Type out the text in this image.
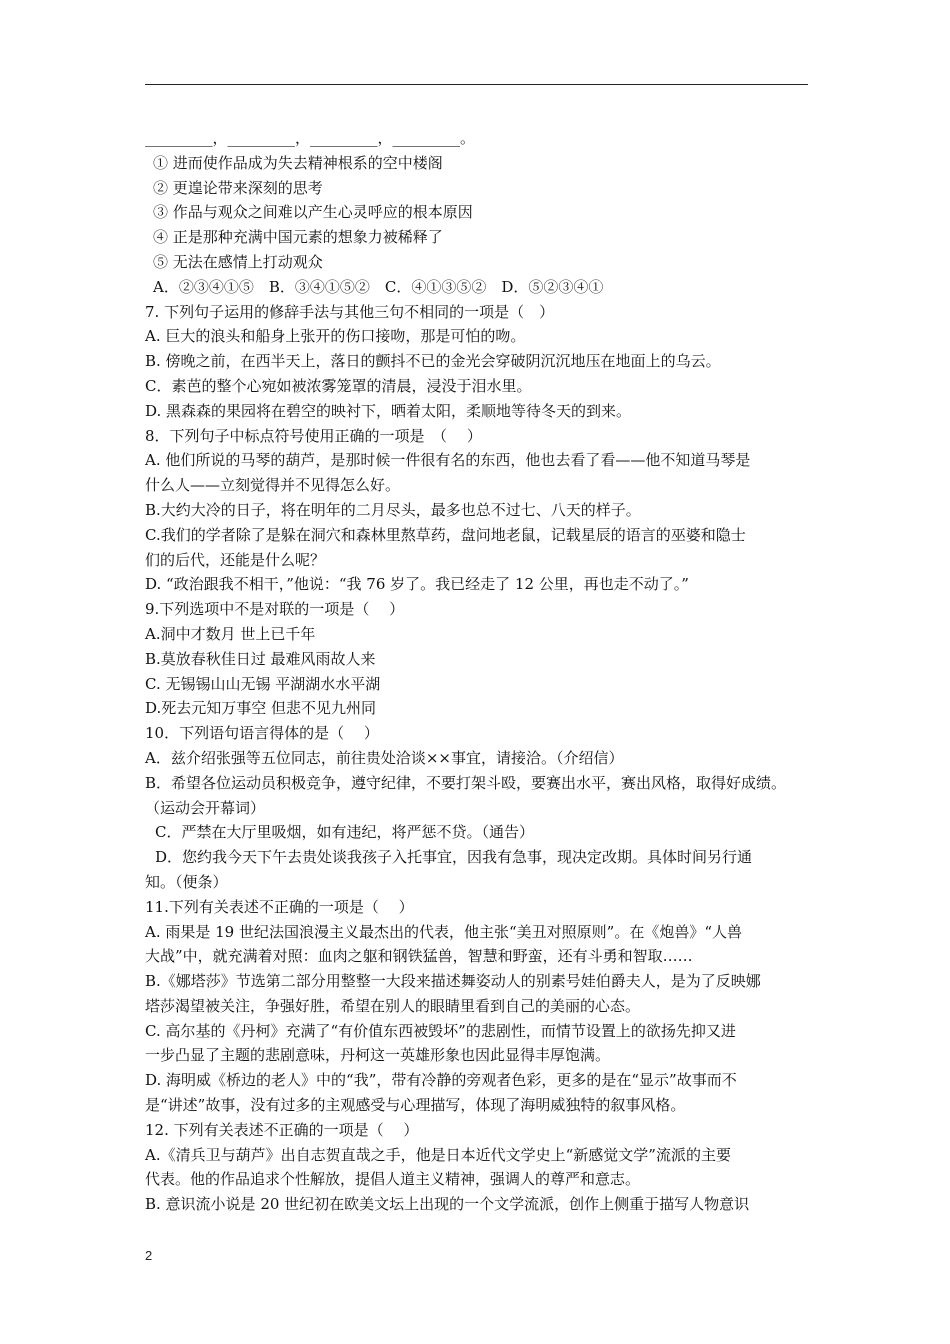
_________，_________，_________，_________。
① 进而使作品成为失去精神根系的空中楼阁
② 更遑论带来深刻的思考
③ 作品与观众之间难以产生心灵呼应的根本原因
④ 正是那种充满中国元素的想象力被稀释了
⑤ 无法在感情上打动观众
A．②③④①⑤　B．③④①⑤②　C．④①③⑤②　D．⑤②③④①
7. 下列句子运用的修辞手法与其他三句不相同的一项是（　）
A. 巨大的浪头和船身上张开的伤口接吻，那是可怕的吻。
B. 傍晚之前，在西半天上，落日的颤抖不已的金光会穿破阴沉沉地压在地面上的乌云。
C．素芭的整个心宛如被浓雾笼罩的清晨，浸没于泪水里。
D. 黑森森的果园将在碧空的映衬下，晒着太阳，柔顺地等待冬天的到来。
8．下列句子中标点符号使用正确的一项是　（　 ）
A. 他们所说的马琴的葫芦，是那时候一件很有名的东西，他也去看了看——他不知道马琴是
什么人——立刻觉得并不见得怎么好。
B.大约大冷的日子，将在明年的二月尽头，最多也总不过七、八天的样子。
C.我们的学者除了是躲在洞穴和森林里熬草药，盘问地老鼠，记载星辰的语言的巫婆和隐士
们的后代，还能是什么呢？
D. “政治跟我不相干，”他说：“我 76 岁了。我已经走了 12 公里，再也走不动了。”
9.下列选项中不是对联的一项是（　 ）
A.洞中才数月 世上已千年
B.莫放春秋佳日过 最难风雨故人来
C. 无锡锡山山无锡 平湖湖水水平湖
D.死去元知万事空 但悲不见九州同
10．下列语句语言得体的是（　 ）
A．兹介绍张强等五位同志，前往贵处洽谈××事宜，请接洽。（介绍信）
B．希望各位运动员积极竞争，遵守纪律，不要打架斗殴，要赛出水平，赛出风格，取得好成绩。
（运动会开幕词）
C．严禁在大厅里吸烟，如有违纪，将严惩不贷。（通告）
D．您约我今天下午去贵处谈我孩子入托事宜，因我有急事，现决定改期。具体时间另行通
知。（便条）
11.下列有关表述不正确的一项是（　 ）
A. 雨果是 19 世纪法国浪漫主义最杰出的代表，他主张“美丑对照原则”。在《炮兽》“人兽
大战”中，就充满着对照：血肉之躯和钢铁猛兽，智慧和野蛮，还有斗勇和智取……
B.《娜塔莎》节选第二部分用整整一大段来描述舞姿动人的别素号娃伯爵夫人，是为了反映娜
塔莎渴望被关注，争强好胜，希望在别人的眼睛里看到自己的美丽的心态。
C. 高尔基的《丹柯》充满了“有价值东西被毁坏”的悲剧性，而情节设置上的欲扬先抑又进
一步凸显了主题的悲剧意味，丹柯这一英雄形象也因此显得丰厚饱满。
D. 海明威《桥边的老人》中的“我”，带有冷静的旁观者色彩，更多的是在“显示”故事而不
是“讲述”故事，没有过多的主观感受与心理描写，体现了海明威独特的叙事风格。
12. 下列有关表述不正确的一项是（　 ）
A.《清兵卫与葫芦》出自志贺直哉之手，他是日本近代文学史上“新感觉文学”流派的主要
代表。他的作品追求个性解放，提倡人道主义精神，强调人的尊严和意志。
B. 意识流小说是 20 世纪初在欧美文坛上出现的一个文学流派，创作上侧重于描写人物意识
2
